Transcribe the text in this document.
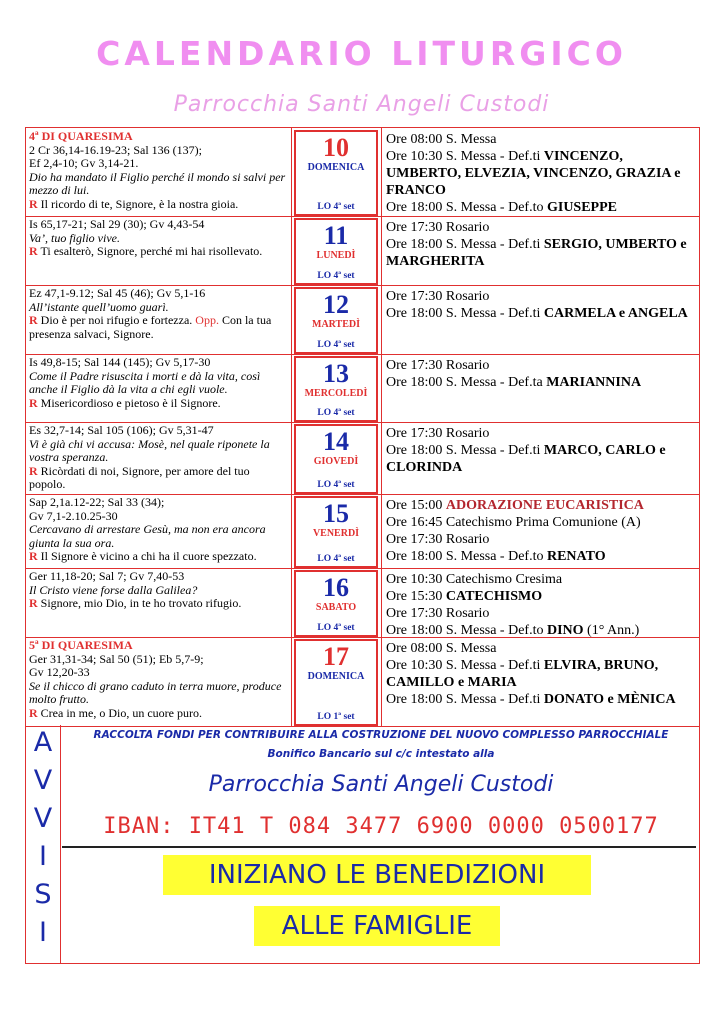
CALENDARIO LITURGICO
Parrocchia Santi Angeli Custodi
4ª DI QUARESIMA
2 Cr 36,14-16.19-23; Sal 136 (137);
Ef 2,4-10; Gv 3,14-21.
Dio ha mandato il Figlio perché il mondo si salvi per mezzo di lui.
R Il ricordo di te, Signore, è la nostra gioia.
10
DOMENICA
LO 4ª set
Ore 08:00 S. Messa
Ore 10:30 S. Messa - Def.ti VINCENZO, UMBERTO, ELVEZIA, VINCENZO, GRAZIA e FRANCO
Ore 18:00 S. Messa - Def.to GIUSEPPE
Is 65,17-21; Sal 29 (30); Gv 4,43-54
Va’, tuo figlio vive.
R Ti esalterò, Signore, perché mi hai risollevato.
11
LUNEDÌ
LO 4ª set
Ore 17:30 Rosario
Ore 18:00 S. Messa - Def.ti SERGIO, UMBERTO e MARGHERITA
Ez 47,1-9.12; Sal 45 (46); Gv 5,1-16
All’istante quell’uomo guarì.
R Dio è per noi rifugio e fortezza. Opp. Con la tua presenza salvaci, Signore.
12
MARTEDÌ
LO 4ª set
Ore 17:30 Rosario
Ore 18:00 S. Messa - Def.ti CARMELA e ANGELA
Is 49,8-15; Sal 144 (145); Gv 5,17-30
Come il Padre risuscita i morti e dà la vita, così anche il Figlio dà la vita a chi egli vuole.
R Misericordioso e pietoso è il Signore.
13
MERCOLEDÌ
LO 4ª set
Ore 17:30 Rosario
Ore 18:00 S. Messa - Def.ta MARIANNINA
Es 32,7-14; Sal 105 (106); Gv 5,31-47
Vi è già chi vi accusa: Mosè, nel quale riponete la vostra speranza.
R Ricòrdati di noi, Signore, per amore del tuo popolo.
14
GIOVEDÌ
LO 4ª set
Ore 17:30 Rosario
Ore 18:00 S. Messa - Def.ti MARCO, CARLO e CLORINDA
Sap 2,1a.12-22; Sal 33 (34);
Gv 7,1-2.10.25-30
Cercavano di arrestare Gesù, ma non era ancora giunta la sua ora.
R Il Signore è vicino a chi ha il cuore spezzato.
15
VENERDÌ
LO 4ª set
Ore 15:00 ADORAZIONE EUCARISTICA
Ore 16:45 Catechismo Prima Comunione (A)
Ore 17:30 Rosario
Ore 18:00 S. Messa - Def.to RENATO
Ger 11,18-20; Sal 7; Gv 7,40-53
Il Cristo viene forse dalla Galilea?
R Signore, mio Dio, in te ho trovato rifugio.
16
SABATO
LO 4ª set
Ore 10:30 Catechismo Cresima
Ore 15:30 CATECHISMO
Ore 17:30 Rosario
Ore 18:00 S. Messa - Def.to DINO (1° Ann.)
5ª DI QUARESIMA
Ger 31,31-34; Sal 50 (51); Eb 5,7-9;
Gv 12,20-33
Se il chicco di grano caduto in terra muore, produce molto frutto.
R Crea in me, o Dio, un cuore puro.
17
DOMENICA
LO 1ª set
Ore 08:00 S. Messa
Ore 10:30 S. Messa - Def.ti ELVIRA, BRUNO, CAMILLO e MARIA
Ore 18:00 S. Messa - Def.ti DONATO e MÈNICA
A
V
V
I
S
I
RACCOLTA FONDI PER CONTRIBUIRE ALLA COSTRUZIONE DEL NUOVO COMPLESSO PARROCCHIALE
Bonifico Bancario sul c/c intestato alla
Parrocchia Santi Angeli Custodi
IBAN: IT41 T 084 3477 6900 0000 0500177
INIZIANO LE BENEDIZIONI
ALLE FAMIGLIE
